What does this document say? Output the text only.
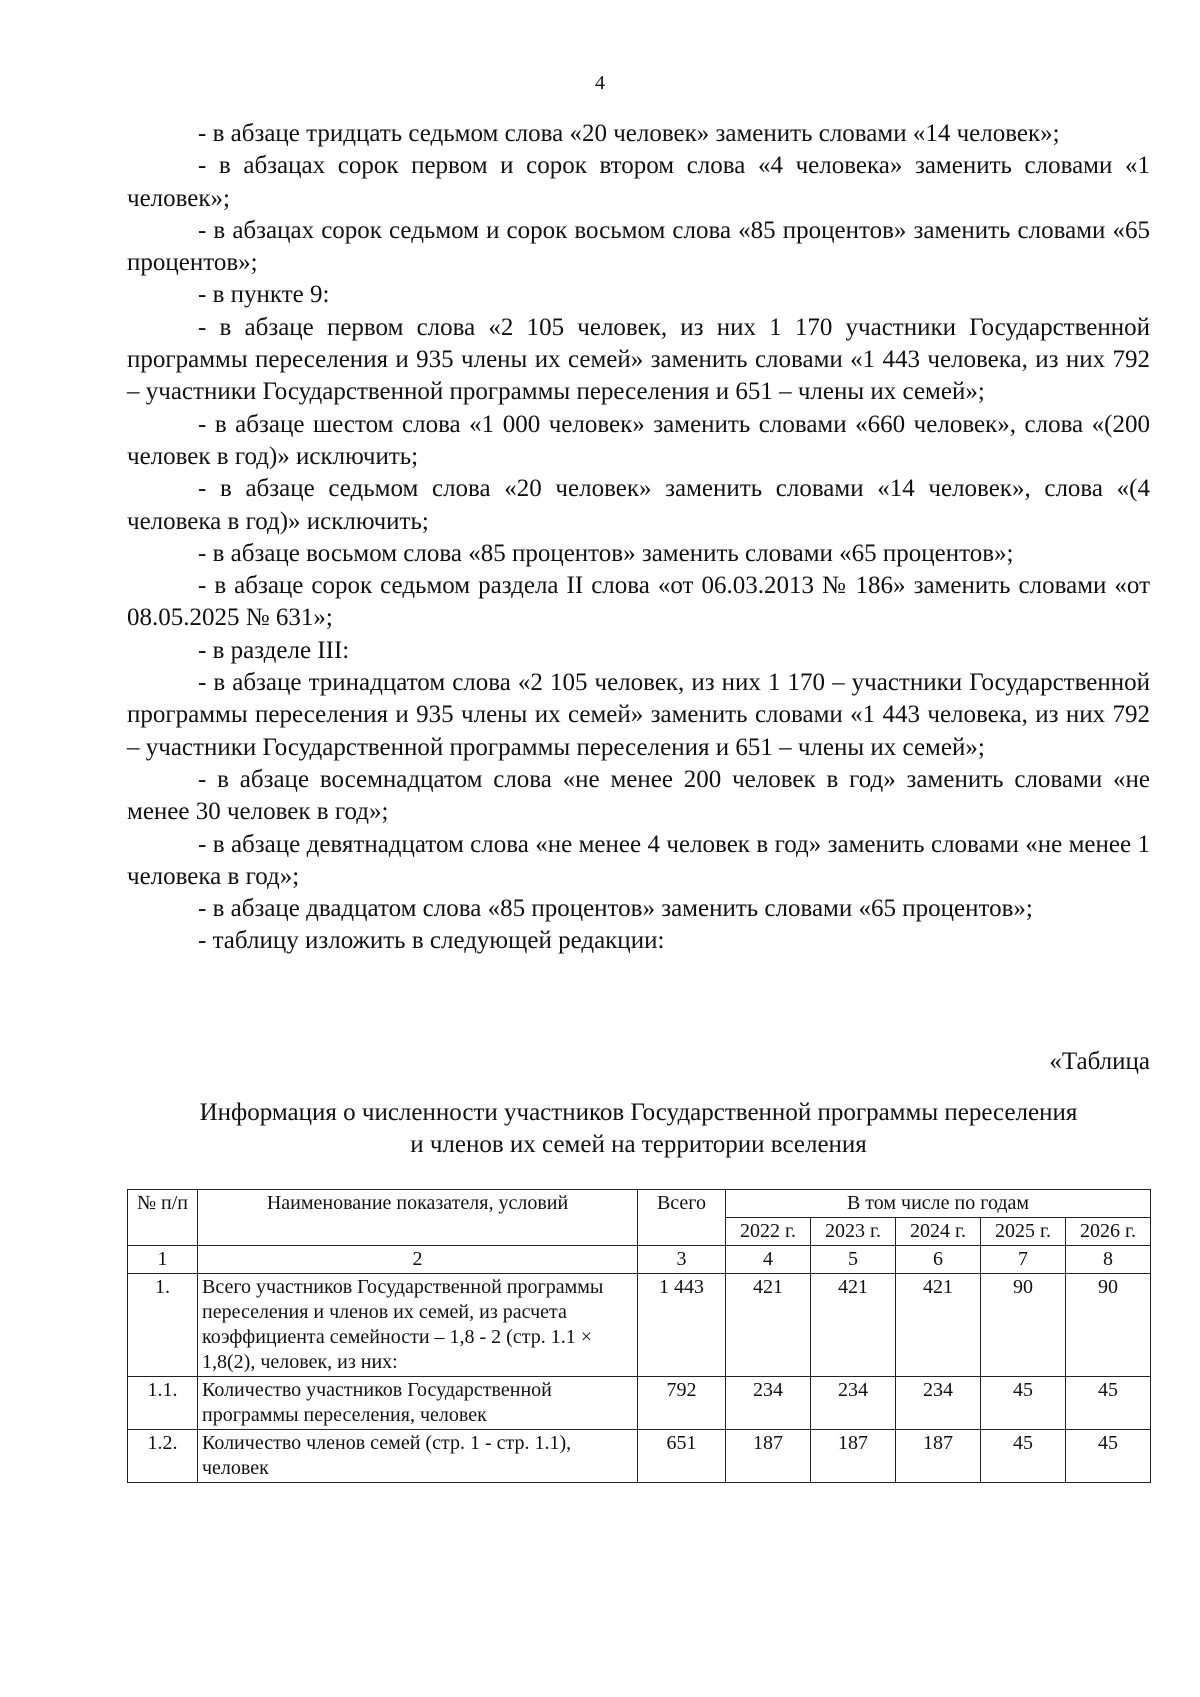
4

- в абзаце тридцать седьмом слова «20 человек» заменить словами «14 человек»;

- в абзацах сорок первом и сорок втором слова «4 человека» заменить словами «1 человек»;

- в абзацах сорок седьмом и сорок восьмом слова «85 процентов» заменить словами «65 процентов»;

- в пункте 9:

- в абзаце первом слова «2 105 человек, из них 1 170 участники Государственной программы переселения и 935 члены их семей» заменить словами «1 443 человека, из них 792 – участники Государственной программы переселения и 651 – члены их семей»;

- в абзаце шестом слова «1 000 человек» заменить словами «660 человек», слова «(200 человек в год)» исключить;

- в абзаце седьмом слова «20 человек» заменить словами «14 человек», слова «(4 человека в год)» исключить;

- в абзаце восьмом слова «85 процентов» заменить словами «65 процентов»;

- в абзаце сорок седьмом раздела II слова «от 06.03.2013 № 186» заменить словами «от 08.05.2025 № 631»;

- в разделе III:

- в абзаце тринадцатом слова «2 105 человек, из них 1 170 – участники Государственной программы переселения и 935 члены их семей» заменить словами «1 443 человека, из них 792 – участники Государственной программы переселения и 651 – члены их семей»;

- в абзаце восемнадцатом слова «не менее 200 человек в год» заменить словами «не менее 30 человек в год»;

- в абзаце девятнадцатом слова «не менее 4 человек в год» заменить словами «не менее 1 человека в год»;

- в абзаце двадцатом слова «85 процентов» заменить словами «65 процентов»;

- таблицу изложить в следующей редакции:

«Таблица
Информация о численности участников Государственной программы переселения
и членов их семей на территории вселения
№ п/п	Наименование показателя, условий	Всего	В том числе по годам				
			2022 г.	2023 г.	2024 г.	2025 г.	2026 г.
1	2	3	4	5	6	7	8
1.	Всего участников Государственной программы переселения и членов их семей, из расчета коэффициента семейности – 1,8 - 2 (стр. 1.1 × 1,8(2), человек, из них:	1 443	421	421	421	90	90
1.1.	Количество участников Государственной программы переселения, человек	792	234	234	234	45	45
1.2.	Количество членов семей (стр. 1 - стр. 1.1), человек	651	187	187	187	45	45
